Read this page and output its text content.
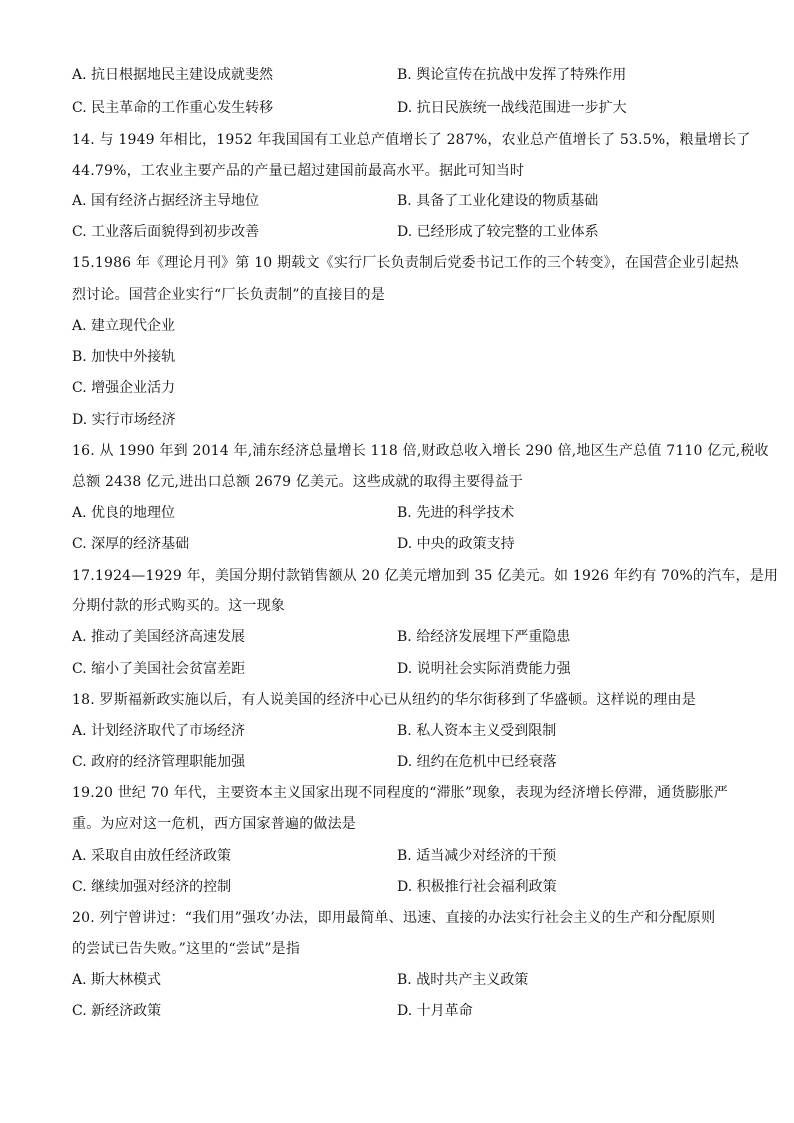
A. 抗日根据地民主建设成就斐然	B. 舆论宣传在抗战中发挥了特殊作用
C. 民主革命的工作重心发生转移	D. 抗日民族统一战线范围进一步扩大
14. 与 1949 年相比，1952 年我国国有工业总产值增长了 287%，农业总产值增长了 53.5%，粮量增长了
44.79%，工农业主要产品的产量已超过建国前最高水平。据此可知当时
A. 国有经济占据经济主导地位	B. 具备了工业化建设的物质基础
C. 工业落后面貌得到初步改善	D. 已经形成了较完整的工业体系
15.1986 年《理论月刊》第 10 期载文《实行厂长负责制后党委书记工作的三个转变》，在国营企业引起热
烈讨论。国营企业实行“厂长负责制”的直接目的是
A. 建立现代企业
B. 加快中外接轨
C. 增强企业活力
D. 实行市场经济
16. 从 1990 年到 2014 年,浦东经济总量增长 118 倍,财政总收入增长 290 倍,地区生产总值 7110 亿元,税收
总额 2438 亿元,进出口总额 2679 亿美元。这些成就的取得主要得益于
A. 优良的地理位	B. 先进的科学技术
C. 深厚的经济基础	D. 中央的政策支持
17.1924—1929 年，美国分期付款销售额从 20 亿美元增加到 35 亿美元。如 1926 年约有 70%的汽车，是用
分期付款的形式购买的。这一现象
A. 推动了美国经济高速发展	B. 给经济发展埋下严重隐患
C. 缩小了美国社会贫富差距	D. 说明社会实际消费能力强
18. 罗斯福新政实施以后，有人说美国的经济中心已从纽约的华尔街移到了华盛顿。这样说的理由是
A. 计划经济取代了市场经济	B. 私人资本主义受到限制
C. 政府的经济管理职能加强	D. 纽约在危机中已经衰落
19.20 世纪 70 年代，主要资本主义国家出现不同程度的“滞胀”现象，表现为经济增长停滞，通货膨胀严
重。为应对这一危机，西方国家普遍的做法是
A. 采取自由放任经济政策	B. 适当减少对经济的干预
C. 继续加强对经济的控制	D. 积极推行社会福利政策
20. 列宁曾讲过：“我们用”强攻’办法，即用最简单、迅速、直接的办法实行社会主义的生产和分配原则
的尝试已告失败。”这里的“尝试”是指
A. 斯大林模式	B. 战时共产主义政策
C. 新经济政策	D. 十月革命
